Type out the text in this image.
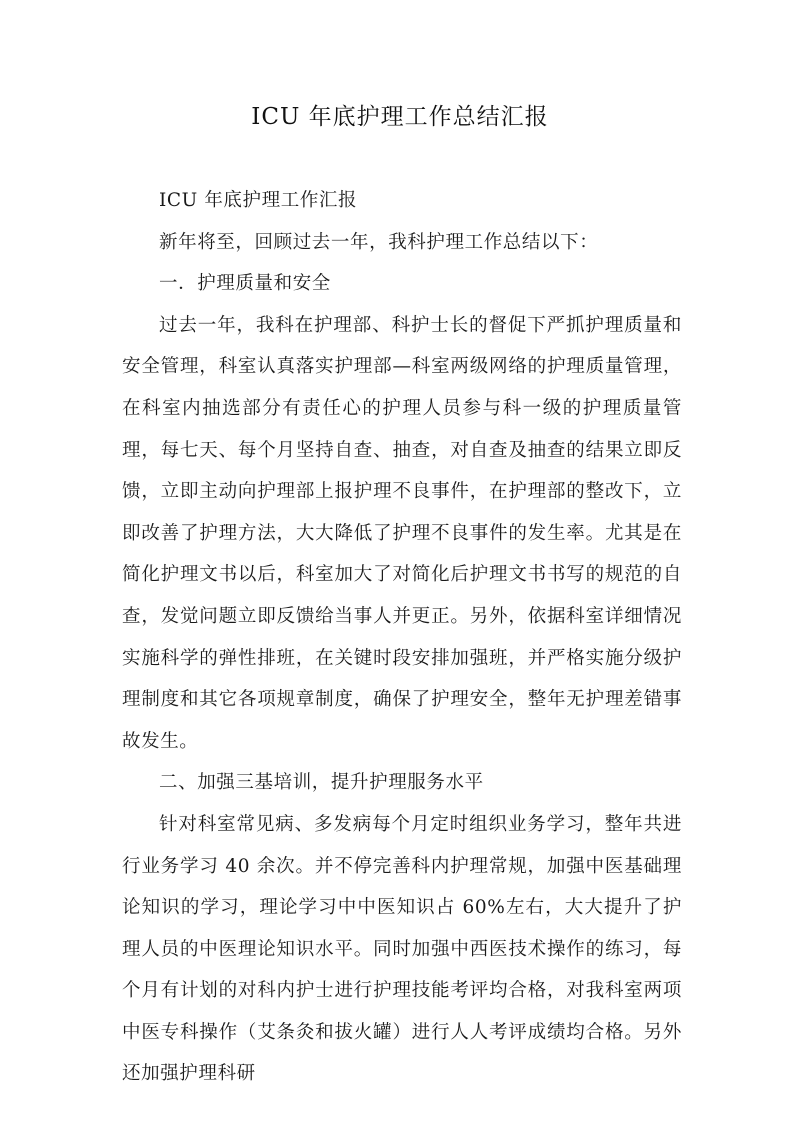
ICU 年底护理工作总结汇报

ICU 年底护理工作汇报

新年将至，回顾过去一年，我科护理工作总结以下：

一．护理质量和安全

过去一年，我科在护理部、科护士长的督促下严抓护理质量和安全管理，科室认真落实护理部—科室两级网络的护理质量管理，在科室内抽选部分有责任心的护理人员参与科一级的护理质量管理，每七天、每个月坚持自查、抽查，对自查及抽查的结果立即反馈，立即主动向护理部上报护理不良事件，在护理部的整改下，立即改善了护理方法，大大降低了护理不良事件的发生率。尤其是在简化护理文书以后，科室加大了对简化后护理文书书写的规范的自查，发觉问题立即反馈给当事人并更正。另外，依据科室详细情况实施科学的弹性排班，在关键时段安排加强班，并严格实施分级护理制度和其它各项规章制度，确保了护理安全，整年无护理差错事故发生。

二、加强三基培训，提升护理服务水平

针对科室常见病、多发病每个月定时组织业务学习，整年共进行业务学习 40 余次。并不停完善科内护理常规，加强中医基础理论知识的学习，理论学习中中医知识占 60%左右，大大提升了护理人员的中医理论知识水平。同时加强中西医技术操作的练习，每个月有计划的对科内护士进行护理技能考评均合格，对我科室两项中医专科操作（艾条灸和拔火罐）进行人人考评成绩均合格。另外还加强护理科研
